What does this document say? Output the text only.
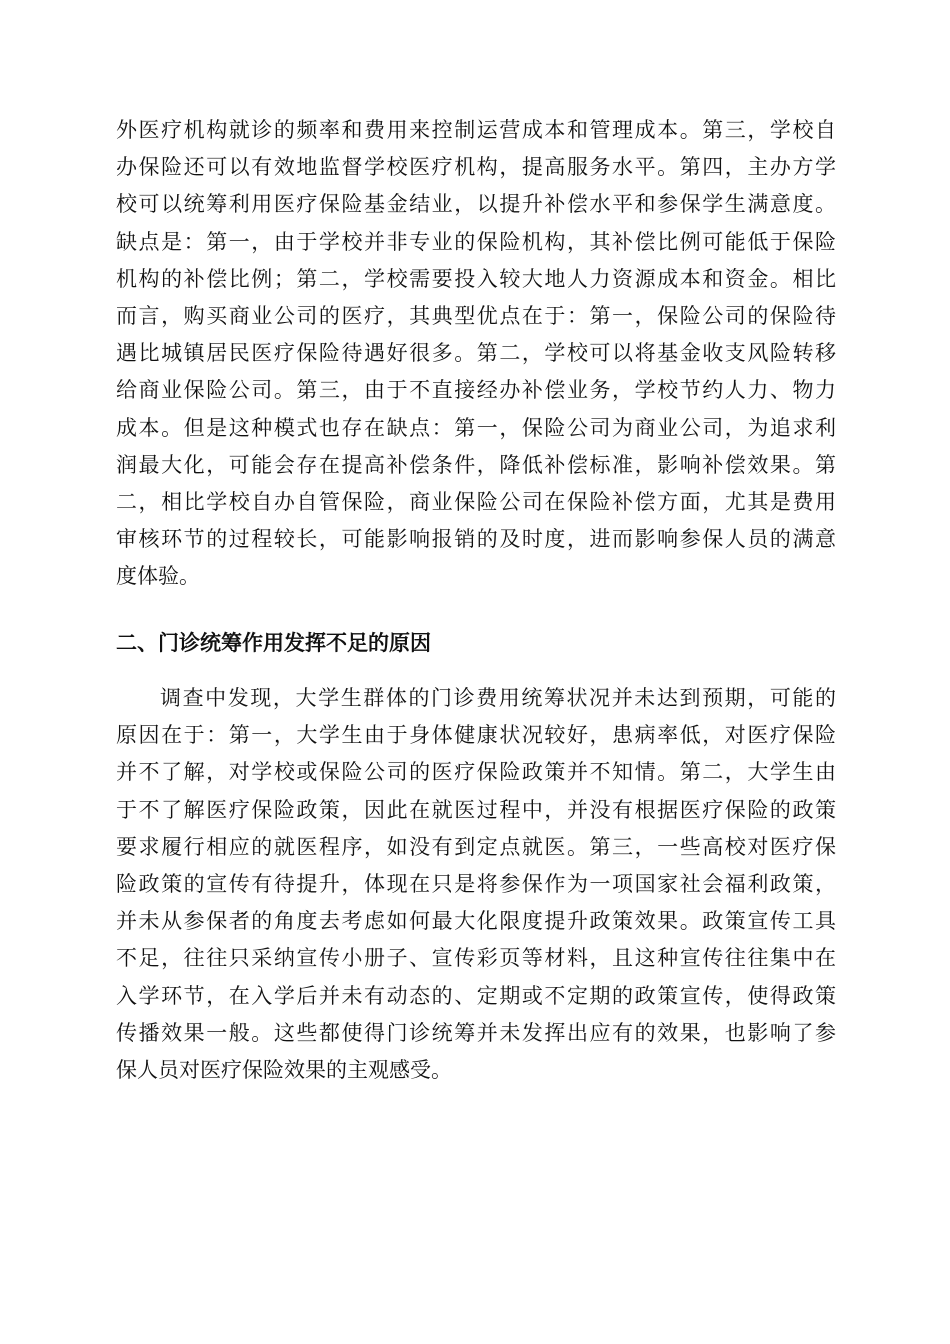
外医疗机构就诊的频率和费用来控制运营成本和管理成本。第三，学校自
办保险还可以有效地监督学校医疗机构，提高服务水平。第四，主办方学
校可以统筹利用医疗保险基金结业，以提升补偿水平和参保学生满意度。
缺点是：第一，由于学校并非专业的保险机构，其补偿比例可能低于保险
机构的补偿比例；第二，学校需要投入较大地人力资源成本和资金。相比
而言，购买商业公司的医疗，其典型优点在于：第一，保险公司的保险待
遇比城镇居民医疗保险待遇好很多。第二，学校可以将基金收支风险转移
给商业保险公司。第三，由于不直接经办补偿业务，学校节约人力、物力
成本。但是这种模式也存在缺点：第一，保险公司为商业公司，为追求利
润最大化，可能会存在提高补偿条件，降低补偿标准，影响补偿效果。第
二，相比学校自办自管保险，商业保险公司在保险补偿方面，尤其是费用
审核环节的过程较长，可能影响报销的及时度，进而影响参保人员的满意
度体验。
二、门诊统筹作用发挥不足的原因
调查中发现，大学生群体的门诊费用统筹状况并未达到预期，可能的
原因在于：第一，大学生由于身体健康状况较好，患病率低，对医疗保险
并不了解，对学校或保险公司的医疗保险政策并不知情。第二，大学生由
于不了解医疗保险政策，因此在就医过程中，并没有根据医疗保险的政策
要求履行相应的就医程序，如没有到定点就医。第三，一些高校对医疗保
险政策的宣传有待提升，体现在只是将参保作为一项国家社会福利政策，
并未从参保者的角度去考虑如何最大化限度提升政策效果。政策宣传工具
不足，往往只采纳宣传小册子、宣传彩页等材料，且这种宣传往往集中在
入学环节，在入学后并未有动态的、定期或不定期的政策宣传，使得政策
传播效果一般。这些都使得门诊统筹并未发挥出应有的效果，也影响了参
保人员对医疗保险效果的主观感受。
